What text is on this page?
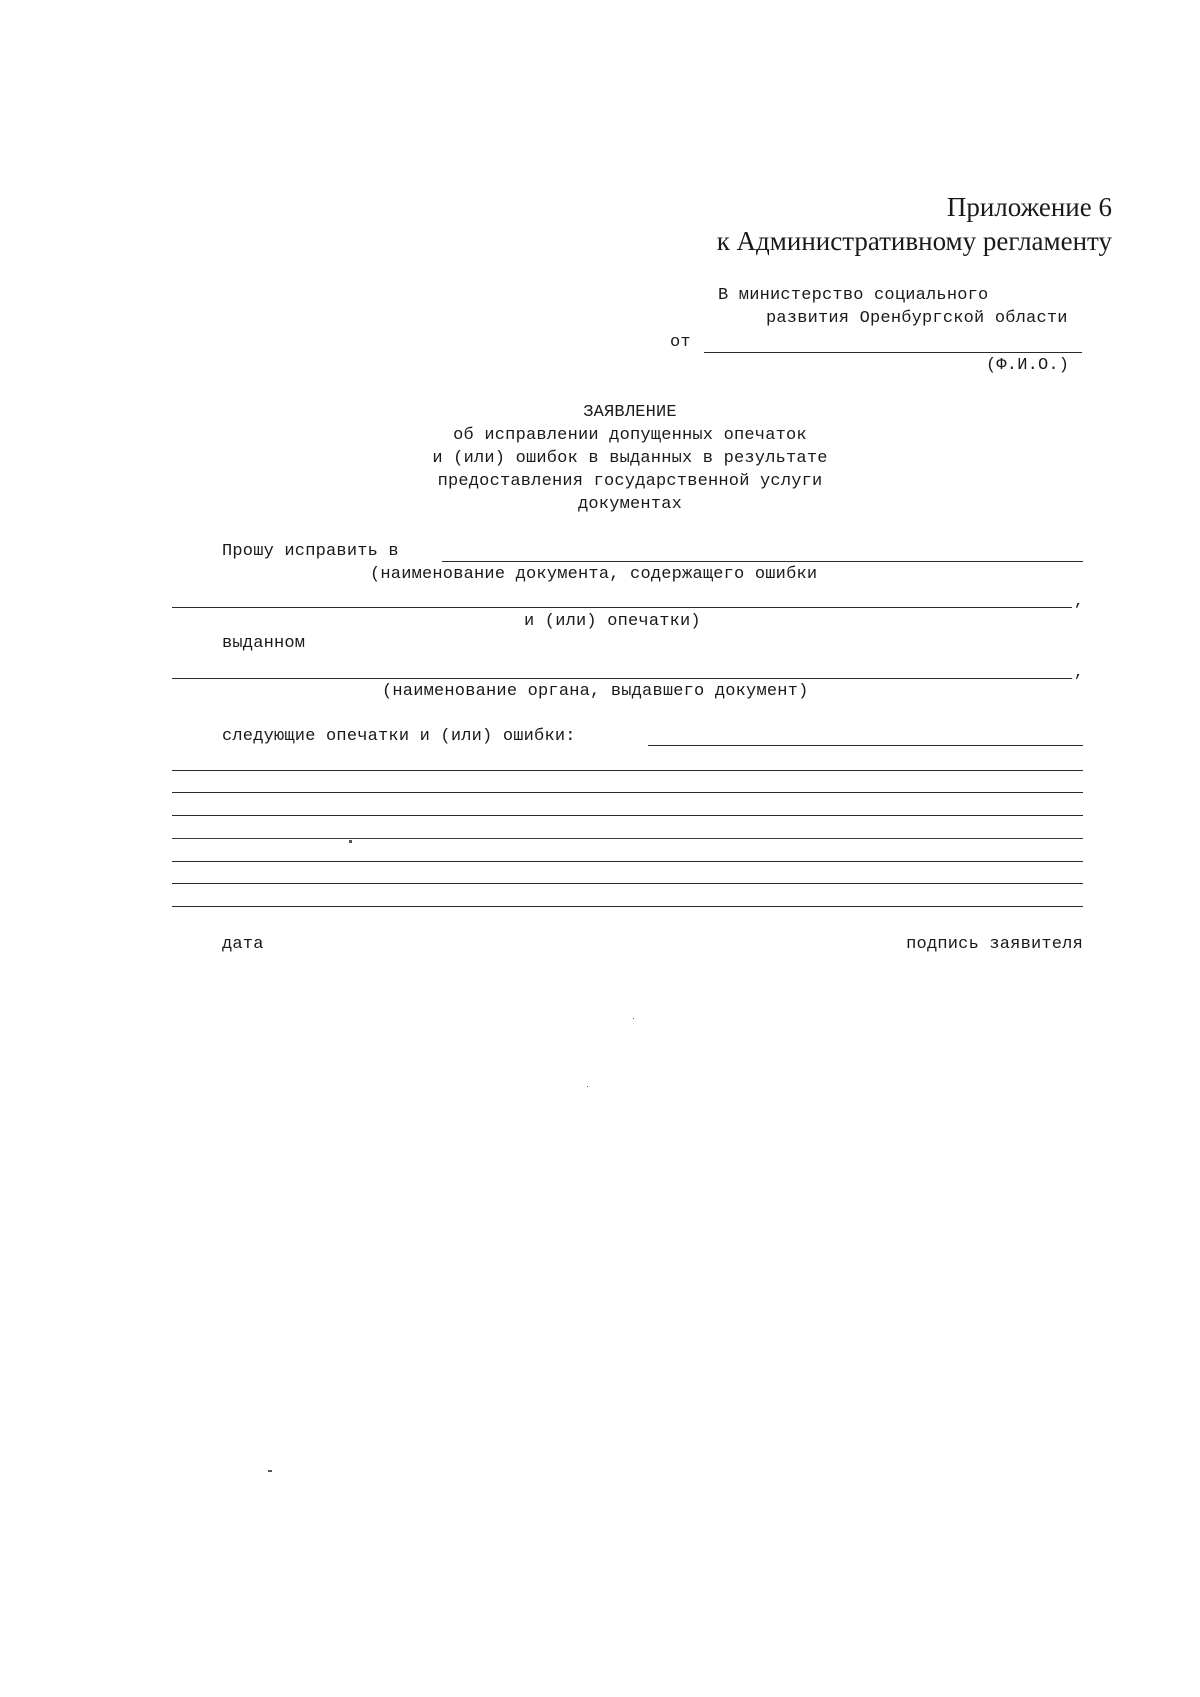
Приложение 6
к Административному регламенту
В министерство социального
развития Оренбургской области
от
(Ф.И.О.)
ЗАЯВЛЕНИЕ
об исправлении допущенных опечаток
и (или) ошибок в выданных в результате
предоставления государственной услуги
документах
Прошу исправить в
(наименование документа, содержащего ошибки
,
и (или) опечатки)
выданном
,
(наименование органа, выдавшего документ)
следующие опечатки и (или) ошибки:
дата	подпись заявителя
